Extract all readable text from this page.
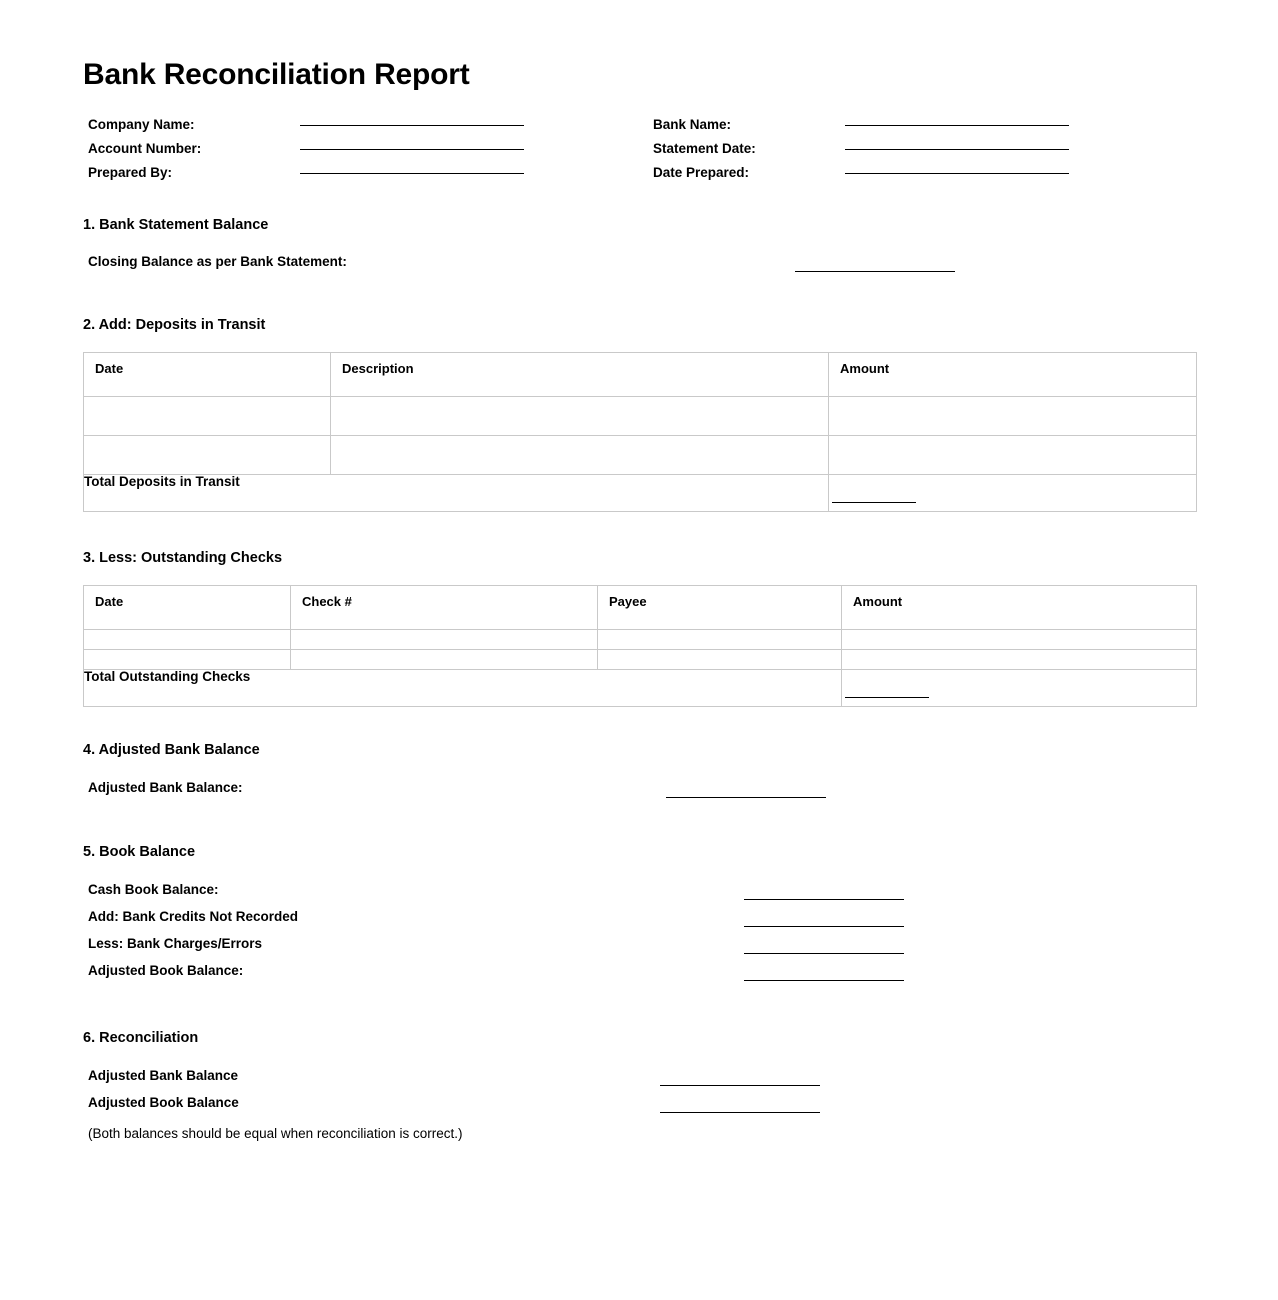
Bank Reconciliation Report
Company Name:
Account Number:
Prepared By:
Bank Name:
Statement Date:
Date Prepared:
1. Bank Statement Balance
Closing Balance as per Bank Statement:
2. Add: Deposits in Transit
Date	Description	Amount

Total Deposits in Transit		
3. Less: Outstanding Checks
Date	Check #	Payee	Amount

Total Outstanding Checks			
4. Adjusted Bank Balance
Adjusted Bank Balance:
5. Book Balance
Cash Book Balance:
Add: Bank Credits Not Recorded
Less: Bank Charges/Errors
Adjusted Book Balance:
6. Reconciliation
Adjusted Bank Balance
Adjusted Book Balance
(Both balances should be equal when reconciliation is correct.)
